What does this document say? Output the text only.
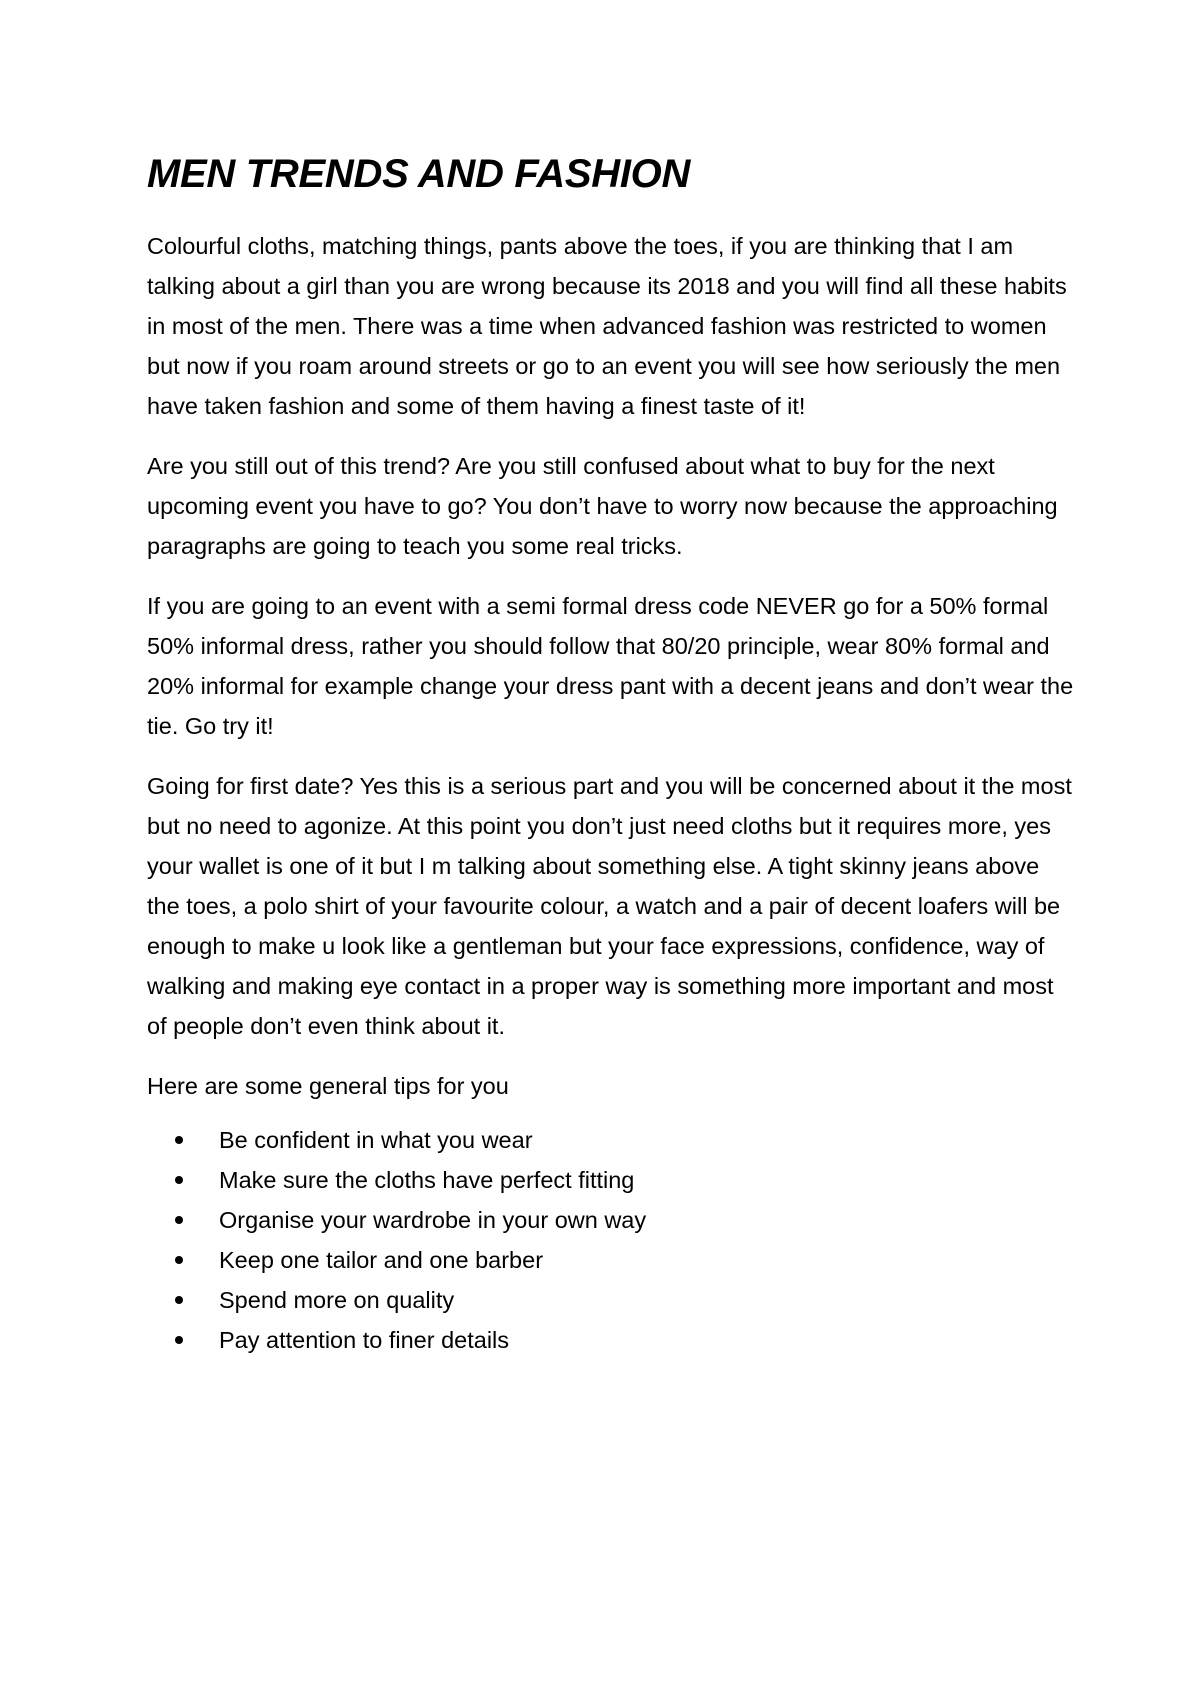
MEN TRENDS AND FASHION

Colourful cloths, matching things, pants above the toes, if you are thinking that I am talking about a girl than you are wrong because its 2018 and you will find all these habits in most of the men. There was a time when advanced fashion was restricted to women but now if you roam around streets or go to an event you will see how seriously the men have taken fashion and some of them having a finest taste of it!

Are you still out of this trend? Are you still confused about what to buy for the next upcoming event you have to go? You don’t have to worry now because the approaching paragraphs are going to teach you some real tricks.

If you are going to an event with a semi formal dress code NEVER go for a 50% formal 50% informal dress, rather you should follow that 80/20 principle, wear 80% formal and 20% informal for example change your dress pant with a decent jeans and don’t wear the tie. Go try it!

Going for first date? Yes this is a serious part and you will be concerned about it the most but no need to agonize. At this point you don’t just need cloths but it requires more, yes your wallet is one of it but I m talking about something else. A tight skinny jeans above the toes, a polo shirt of your favourite colour, a watch and a pair of decent loafers will be enough to make u look like a gentleman but your face expressions, confidence, way of walking and making eye contact in a proper way is something more important and most of people don’t even think about it.

Here are some general tips for you

Be confident in what you wear
Make sure the cloths have perfect fitting
Organise your wardrobe in your own way
Keep one tailor and one barber
Spend more on quality
Pay attention to finer details
